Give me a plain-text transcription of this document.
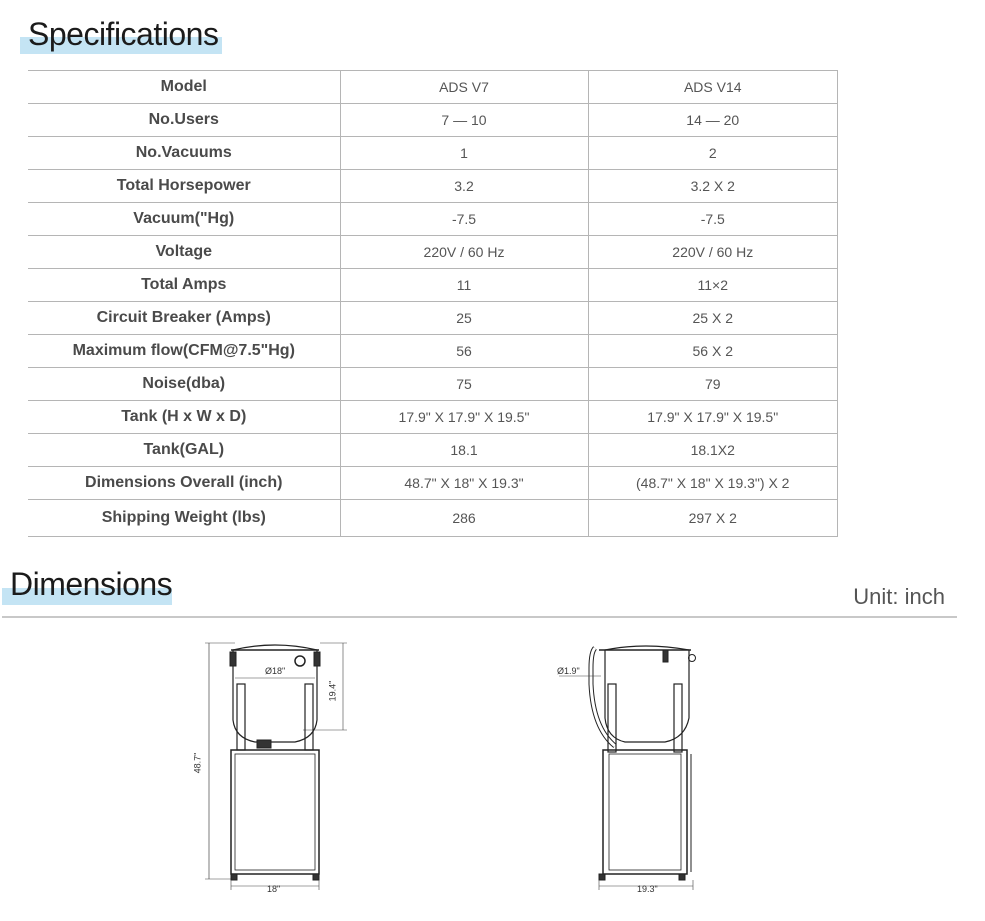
Specifications
Model	ADS V7	ADS V14
No.Users	7 — 10	14 — 20
No.Vacuums	1	2
Total Horsepower	3.2	3.2 X 2
Vacuum("Hg)	-7.5	-7.5
Voltage	220V / 60 Hz	220V / 60 Hz
Total Amps	11	11×2
Circuit Breaker (Amps)	25	25 X 2
Maximum flow(CFM@7.5"Hg)	56	56 X 2
Noise(dba)	75	79
Tank (H x W x D)	17.9" X 17.9" X 19.5"	17.9" X 17.9" X 19.5"
Tank(GAL)	18.1	18.1X2
Dimensions Overall (inch)	48.7" X 18" X 19.3"	(48.7" X 18" X 19.3") X 2
Shipping Weight (lbs)	286	297 X 2
Dimensions	Unit: inch
Ø18"
19.4"
48.7"
18"
Ø1.9"
19.3"
